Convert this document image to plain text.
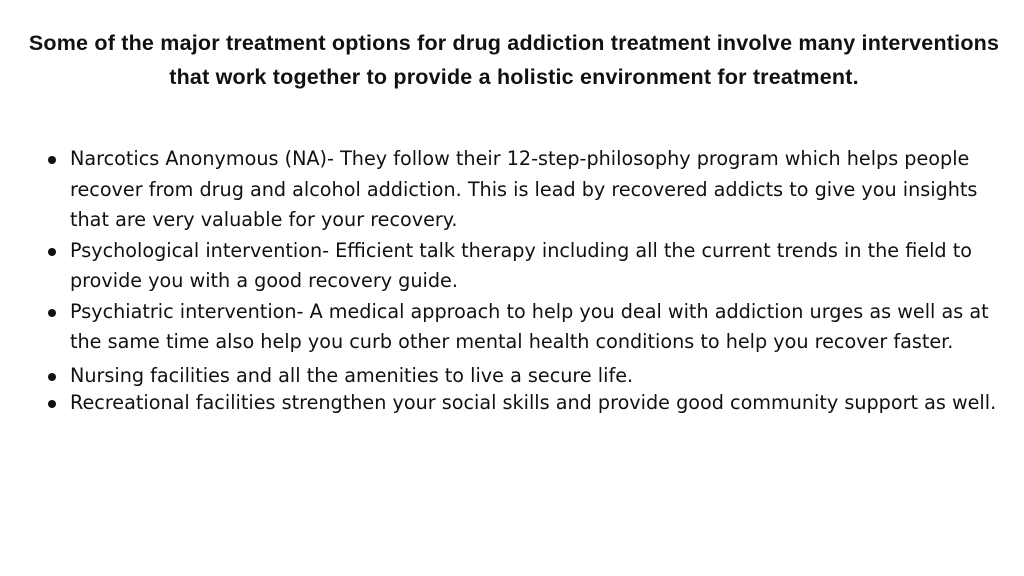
Some of the major treatment options for drug addiction treatment involve many interventions that work together to provide a holistic environment for treatment.
Narcotics Anonymous (NA)- They follow their 12-step-philosophy program which helps people recover from drug and alcohol addiction. This is lead by recovered addicts to give you insights that are very valuable for your recovery.
Psychological intervention- Efficient talk therapy including all the current trends in the field to provide you with a good recovery guide.
Psychiatric intervention- A medical approach to help you deal with addiction urges as well as at the same time also help you curb other mental health conditions to help you recover faster.
Nursing facilities and all the amenities to live a secure life.
Recreational facilities strengthen your social skills and provide good community support as well.
